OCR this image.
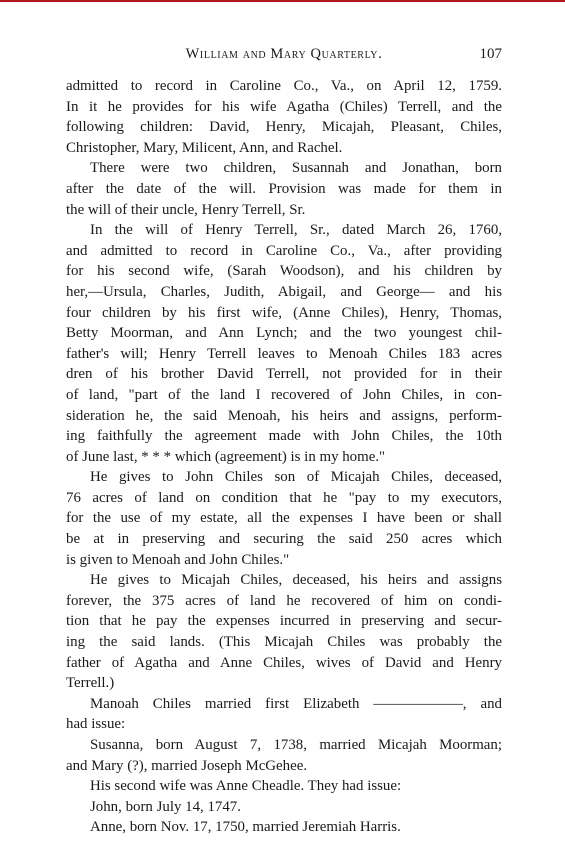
William and Mary Quarterly.	107
admitted to record in Caroline Co., Va., on April 12, 1759.
In it he provides for his wife Agatha (Chiles) Terrell, and the
following children: David, Henry, Micajah, Pleasant, Chiles,
Christopher, Mary, Milicent, Ann, and Rachel.
There were two children, Susannah and Jonathan, born
after the date of the will. Provision was made for them in
the will of their uncle, Henry Terrell, Sr.
In the will of Henry Terrell, Sr., dated March 26, 1760,
and admitted to record in Caroline Co., Va., after providing
for his second wife, (Sarah Woodson), and his children by
her,—Ursula, Charles, Judith, Abigail, and George— and his
four children by his first wife, (Anne Chiles), Henry, Thomas,
Betty Moorman, and Ann Lynch; and the two youngest chil-
father's will; Henry Terrell leaves to Menoah Chiles 183 acres
dren of his brother David Terrell, not provided for in their
of land, "part of the land I recovered of John Chiles, in con-
sideration he, the said Menoah, his heirs and assigns, perform-
ing faithfully the agreement made with John Chiles, the 10th
of June last, * * * which (agreement) is in my home."
He gives to John Chiles son of Micajah Chiles, deceased,
76 acres of land on condition that he "pay to my executors,
for the use of my estate, all the expenses I have been or shall
be at in preserving and securing the said 250 acres which
is given to Menoah and John Chiles."
He gives to Micajah Chiles, deceased, his heirs and assigns
forever, the 375 acres of land he recovered of him on condi-
tion that he pay the expenses incurred in preserving and secur-
ing the said lands. (This Micajah Chiles was probably the
father of Agatha and Anne Chiles, wives of David and Henry
Terrell.)
Manoah Chiles married first Elizabeth ——————, and
had issue:
Susanna, born August 7, 1738, married Micajah Moorman;
and Mary (?), married Joseph McGehee.
His second wife was Anne Cheadle. They had issue:
John, born July 14, 1747.
Anne, born Nov. 17, 1750, married Jeremiah Harris.
